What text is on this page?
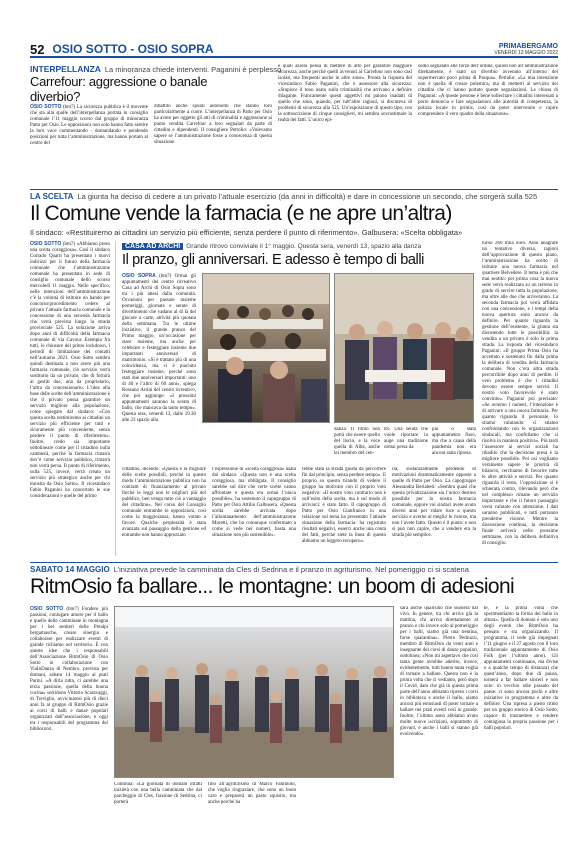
52 OSIO SOTTO - OSIO SOPRA	PRIMABERGAMO
VENERDÌ 13 MAGGIO 2022
INTERPELLANZA La minoranza chiede interventi. Paganini è perplesso
Carrefour: aggressione o banale diverbio?
OSIO SOTTO (bm7) La sicurezza pubblica è il movente che sta alla spalle dell’interpellanza portata in consiglio comunale l’11 maggio scorso dal gruppo di minoranza Patto per Osio. Le opposizioni non solo hanno fatto sentire la loro voce commentando - domandando e pendendo posizioni per tutta l’amministrazione, ma hanno portato al centro del
dibattito anche spunti autonomi che stanno toro particolarmente a cuore. L’interpellanza di Patto per Osio ha avuto per oggetto gli atti di criminalità e aggressione ai punto vendita Carrefour a loro segnalati da parte di cittadini e dipendenti. Il consigliere Petrolio: «Volevamo sapere se l’amministrazione fosse a conoscenza di questa situazione
e quali azioni pensa di mettere in atto per garantire maggiore sicurezza, anche perché quelli avvenuti al Carrefour non sono casi isolati, ma frequenti anche in altre zone». Pronta la risposta del vicesindaco Fabio Paganini, che è assessore alla sicurezza: «Stupisce il tono usato sulla criminalità che arrivano a definire dilagante. Francamente questi aggettivi mi paiono inadatti di quello che sono, quando, per tutt’altre ragioni, si discuteva di problemi di sicurezza alla 525. Un’esposizione di questo tipo, con la sottoscrizione di cinque consiglieri, mi sembra sovrastimare la realtà dei fatti. L’unico epi-
sodio segnalato alle forze dell’ordine, quindi non all’amministrazione direttamente, è stato un diverbio avvenuto all’interno del supermercato poco prima di Pasqua». Petralio: «La mia intenzione non è quella di creare polemica, ma di metterti al servizio dei cittadini che ci hanno portato queste segnalazioni. La chiosa di Paganini: «A queste persone è bene sollecitare i cittadini interessati a porre denuncia e fare segnalazioni alle autorità di competenza, la polizia locale in primis, così da poter intervenire e capire comprendere il vero quadro della situazione».
LA SCELTA La giunta ha deciso di cedere a un privato l’attuale esercizio (da anni in difficoltà) e dare in concessione un secondo, che sorgerà sulla 525
Il Comune vende la farmacia (e ne apre un’altra)
Il sindaco: «Restituiremo ai cittadini un servizio più efficiente, senza perdere il punto di riferimento». Galbusera: «Scelta obbligata»
OSIO SOTTO (bm7) «Abbiamo preso una scelta coraggiosa». Così il sindaco Corrado Quarti ha presentato i nuovi indirizzi per il futuro della farmacia comunale che l’amministrazione comunale ha presentato in sede di consiglio comunale dello scorso mercoledì 11 maggio. Nello specifico, nelle intenzioni dell’amministrazione c’è la volontà di istituire un bando per concorso/procedimento cedere al privato l’attuale farmacia comunale e la concessione di una seconda farmacia che verrà prevista lungo la strada provinciale 525. La soluzione arriva dopo anni di difficoltà della farmacia comunale di via Cavour. Esempio fra tutti, le chiusure del primo lockdown, i periodi di limitazione dei contatti nell’autunno 2021. Osio Sotto sembra quindi destinata a non avere più una farmacia comunale, ciò servizio verrà sostituito da un privato, che di fornirà ai gestiti due, una da proprietario, l’altra da concessionario. L’idea alla base delle scelte dell’amministrazione è che il privato possa garantire un servizio migliore alla popolazione, come spiegato dal sindaco: «Con questa scelta restituiremo ai cittadini un servizio più efficiente per tutti e sicuramente più conveniente, senza perdere il punto di riferimento». Inoltre, credo sia importante sottolineare come per il cittadino nulla cambierà, perché la farmacia rimarrà dov’è come servizio pubblico, rimarrà non verrà persa. Il punto di riferimento, sulla 525, invece, verrà creato un servizio più strategico anche per chi transita da Osio Sotto». Il vicesindaco Fabio Paganini ha concertato le sue considerazioni e quelle del primo
turno 260 mila euro. Anni anagrafe un tentativo diversa, ragioni dell’approvazione di questo piano, l’amministrazione ha scelto di istituire una nuova farmacia nel quartiere Belvedere. Il tema è più che mai sentito: per prima cosa la nuova sede verrà realizzata su un terreno in grado di servire tutta la popolazione, ma oltre alle due che arriveranno. La seconda farmacia poi verrà affidata con una concessione, e i tempi della nuova apertura sono ancora da definire. Per quanto riguarda la gestione dell’esistente, la giunta sta discutendo tutte le possibilità: la vendita a un privato è solo la prima strada. La risposta del vicesindaco Paganini: «Il gruppo Prima Osio ha accettato e sostenuto fin dalla prima la delibera di vendita della farmacia comunale. Non c’era altra strada percorribile dopo anni di perdite. Il vero problema è che i cittadini devono essere sempre serviti. Il nostro voto favorevole è stato convinto». Paganini poi precisato: «Se avremo i numeri, l’intenzione è di arrivare a una nuova farmacia. Per quanto riguarda il personale, lo stiamo valutando: ci stiamo confrontando con le organizzazioni sindacali, ma confidiamo che si risolva in maniera positiva». Più tardi l’assessore ai servizi sociali ha ribadito che la decisione presa è la migliore possibile. Poi osi vogliamo veramente sapere le priorità di bilancio, cerchiamo di favorire tutte le altre attività e servizi. Per quanto riguarda il resto, l’opposizione si è schierata contro, rilevando però che nel complesso rimane un servizio importante e che il futuro passaggio verrà valutato con attenzione. I dati saranno pubblicati, e tutti potranno prenderne visione. Mentre la discussione continua, la decisione finale arriverà nelle prossime settimane, con la delibera definitiva di consiglio.
CASA AD ARCHI Grande ritrovo conviviale il 1° maggio. Questa sera, venerdì 13, spazio alla danza
Il pranzo, gli anniversari. E adesso è tempo di balli
OSIO SOPRA (bm7) Ormai gli appuntamenti del centro ricreativo Casa ad Archi di Osio Sopra sono tra i più attesi dalla comunità. Occasioni per passare insieme pomeriggi, giornate e serate di divertimento che vadano al di là del giocare a carte, attività più quotata della settimana. Tra le ultime iniziative, il grande pranzo del Primo maggio, un’occasione per stare insieme, ma anche per celebrare e festeggiare insieme due importanti anniversari di matrimonio. «Si è trattato più di una coincidenza, ma ci è piaciuto festeggiare insieme, perché sono stati due anniversari importanti: uno di 40 e l’altro di 60 anni», spiega Rossano Arrini del centro ricreativo, che poi aggiunge: «I prossimi appuntamenti saranno la serata di ballo, che mancava da tanto tempo». Questa sera, venerdì 13, dalle 19.30 alle 23 spazio alla
danza. Il ritmo non potrà che essere quello del liscio, e la voce quella di Alba, anche lei membro del cen-
tro. Una serata che vuole riportare in auge una tradizione ormai persa da
più o stata appuntamento fisso, ma che a causa della pandemia non era ancora stata ripresa.
cittadino, dicendo: «Questa è la migliore delle scelte possibili, perché in questo modo l’amministrazione pubblica non ha contratti di finanziamento al privato finché le leggi non le migliori più del pubblico, ben venga tutto ciò a vantaggio del cittadino». Nel corso del Consiglio comunale entrambe le opposizioni, così come la maggioranza, hanno votato a favore. Qualche perplessità è stata avanzata sul passaggio della gestione ed entrambe non hanno apprezzato
l’espressione di «scelta coraggiosa» usata dal sindaco. «Questa non è una scelta coraggiosa, ma obbligata. Il consiglio sarebbe sul dire che certe scelte vanno affrontate e questa era ormai l’unica possibile», ha sostenuto il capogruppo di Patto per Osio Attilio Galbusera. «Questa scelta sarebbe arrivata dopo l’allontanamento dell’amministrazione Moretti, che ha comunque confermato a come si vede nei numeri, basta una situazione non più sostenibile».
rebbe stata la strada giusta da percorrere fin dal principio, senza perdere tempo». E proprio su questo tirando di vedere il gruppo ha motivato con il proprio voto negativo: «Il nostro voto contrario non è sull’esito della scelta, ma è sul modo di arrivarci: è stato fatto. Il capogruppo di Patto per Osio Gianfranco in una relazione sul tema ha presentato l’attuale situazione della farmacia: ha registrato risultati negativi, esserci anche una conta dei fatti, perché siete la linea di questo abbiamo un leggero recupero».
ria, sostanzialmente perdendo di motivazioni drammaticamente opposte a quelle di Patto per Osio. La capogruppo Alessandra Beriabeti: «Sembra quasi che questa privatizzazione sia l’unico destino possibile per la nostra farmacia comunale, eppure voi sindaci avete avuto diversi anni per ridare luce a questo servizio e averne al meglio le risorse, ma non l’avete fatto. Questo è il punto: e non si può non capire, che a vendere era la strada più semplice.
SABATO 14 MAGGIO L’iniziativa prevede la camminata da Cles di Sedrina e il pranzo in agriturismo. Nel pomeriggio ci si scatena
RitmOsio fa ballare... le montagne: un boom di adesioni
OSIO SOTTO (bm7) Fondere più passioni, coniugare amore per il ballo e quello delle camminate in montagna per i bei sentieri delle Prealpi bergamasche, creare sinergia e collaborare per realizzare eventi di grande richiamo nel territorio. È con queste idee che i responsabili dell’Associazione RitmOsio di Osio Sotto in collaborazione con ViaInDanza di Nembro, prevista per domani, sabato 14 maggio al pratì Parini. «A dirla tutta, ci sarebbe una terza passione, quella della buona cucina» sorridono Vittorio Scaravaggi, di Treviglio, avvicinatosi più di dieci anni fa al gruppo di RitmOsio grazie ai corsi di balli e danze popolari organizzati dall’associazione, e oggi tra i responsabili del programma dei bibliocorsi.
Continua: «La giornata di domani infatti inizierà con una bella camminata che dal parcheggio di Cles, frazione di Sedrina, ci porterà
fino all’agriturismo di Marco Fantinoni, che voglio ringraziare, che sono un buon caro e preparerà un pasto squisito, ma anche perché ha
sarà anche qualcuno che suonerà dal vivo. In genere, tra chi arriva già la mattina, chi arriva direttamente al pranzo e chi invece solo al pomeriggio per i balli, siamo già una trentina, forse quarantina». Pietro Pedruzzi, membro di RitmOsio da venti anni e insegnante dei corsi di danze popolari, sottolinea: «Non mi aspettavo che così tanta gente avrebbe aderito, invece, evidentemente, tutti hanno tanta voglia di tornare a ballare. Questa non è la prima volta che ci vediamo, però dopo il Covid, dato che già in questa prima parte dell’anno abbiamo ripreso i corsi in biblioteca e anche il ballo, siamo ancora più entusiasti di poter tornare a ballare nei prati eventi così in grande. Inoltre, l’ultimo anno abbiamo avuto molte nuove iscrizioni, soprattutto di giovani, e anche i balli si stanno già evolvendo».
te, è la prima volta che sperimentiamo la forma del ballo in altura». Quella di domani è solo uno degli eventi che RitmOsio ha pensato e sta organizzando. Il programma, il vede già impegnati l’11 giugno e il 27 agosto con il loro tradizionale appuntamento di Osio Folk (per l’ultimo anno). Gli appuntamenti continuano, ma divise e a qualche tempo di distanza) che quest’anno, dopo due di pausa, tornerà a far ballare sinceri e non solo: in vecchio stile passato del paese: ci sono ancora pochi e altre iniziative in programma e altre da definire. Una ripresa a pieno ritmo per un gruppo storico di Osio Sotto, capace di trasmettere e rendere contagiosa la propria passione per i balli popolari.
